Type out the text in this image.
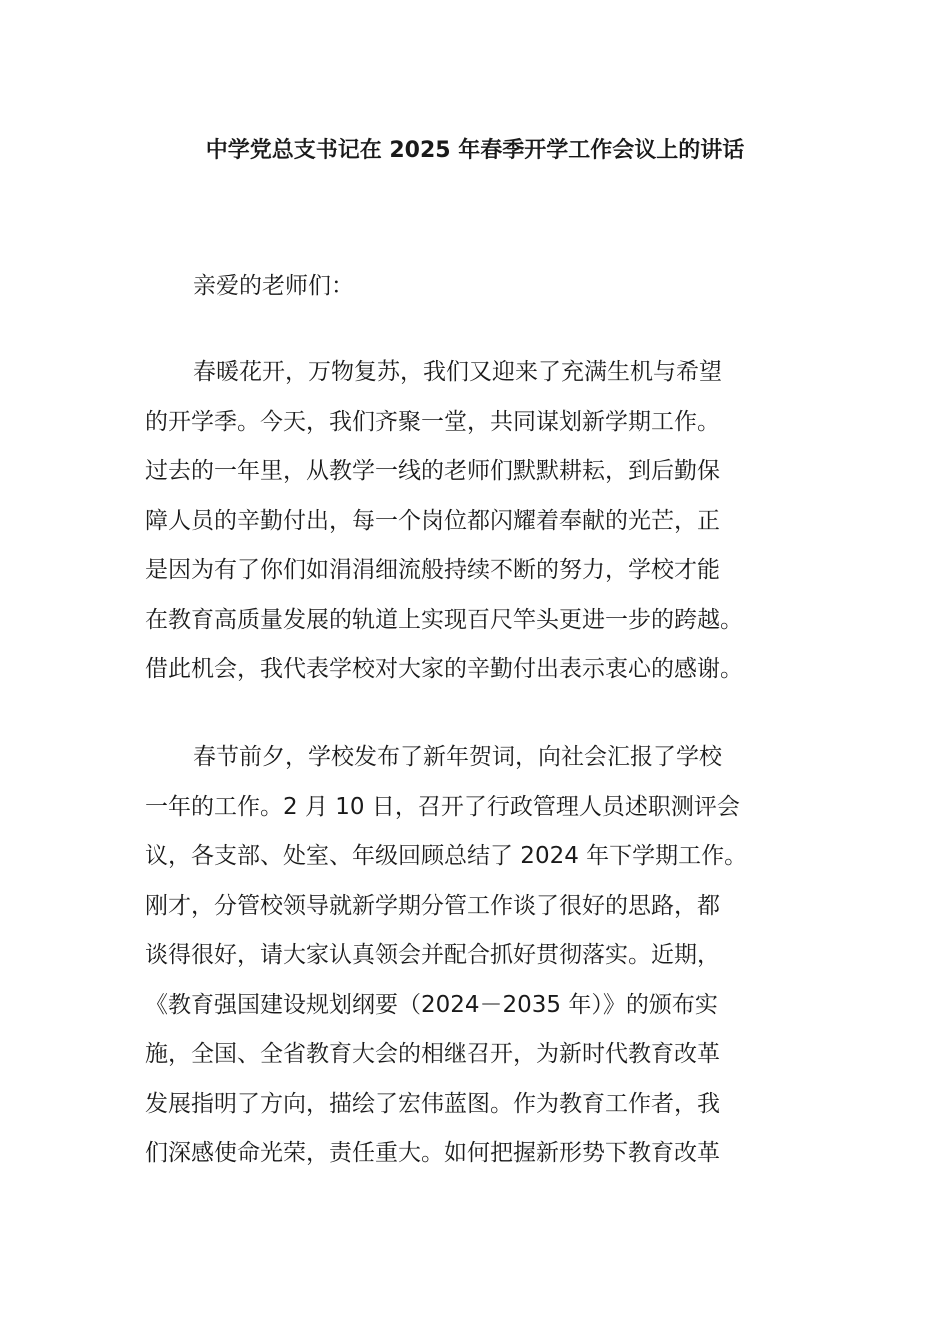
中学党总支书记在 2025 年春季开学工作会议上的讲话

亲爱的老师们：

春暖花开，万物复苏，我们又迎来了充满生机与希望
的开学季。今天，我们齐聚一堂，共同谋划新学期工作。
过去的一年里，从教学一线的老师们默默耕耘，到后勤保
障人员的辛勤付出，每一个岗位都闪耀着奉献的光芒，正
是因为有了你们如涓涓细流般持续不断的努力，学校才能
在教育高质量发展的轨道上实现百尺竿头更进一步的跨越。
借此机会，我代表学校对大家的辛勤付出表示衷心的感谢。

春节前夕，学校发布了新年贺词，向社会汇报了学校
一年的工作。2 月 10 日，召开了行政管理人员述职测评会
议，各支部、处室、年级回顾总结了 2024 年下学期工作。
刚才，分管校领导就新学期分管工作谈了很好的思路，都
谈得很好，请大家认真领会并配合抓好贯彻落实。近期，
《教育强国建设规划纲要（2024－2035 年）》的颁布实
施，全国、全省教育大会的相继召开，为新时代教育改革
发展指明了方向，描绘了宏伟蓝图。作为教育工作者，我
们深感使命光荣，责任重大。如何把握新形势下教育改革
